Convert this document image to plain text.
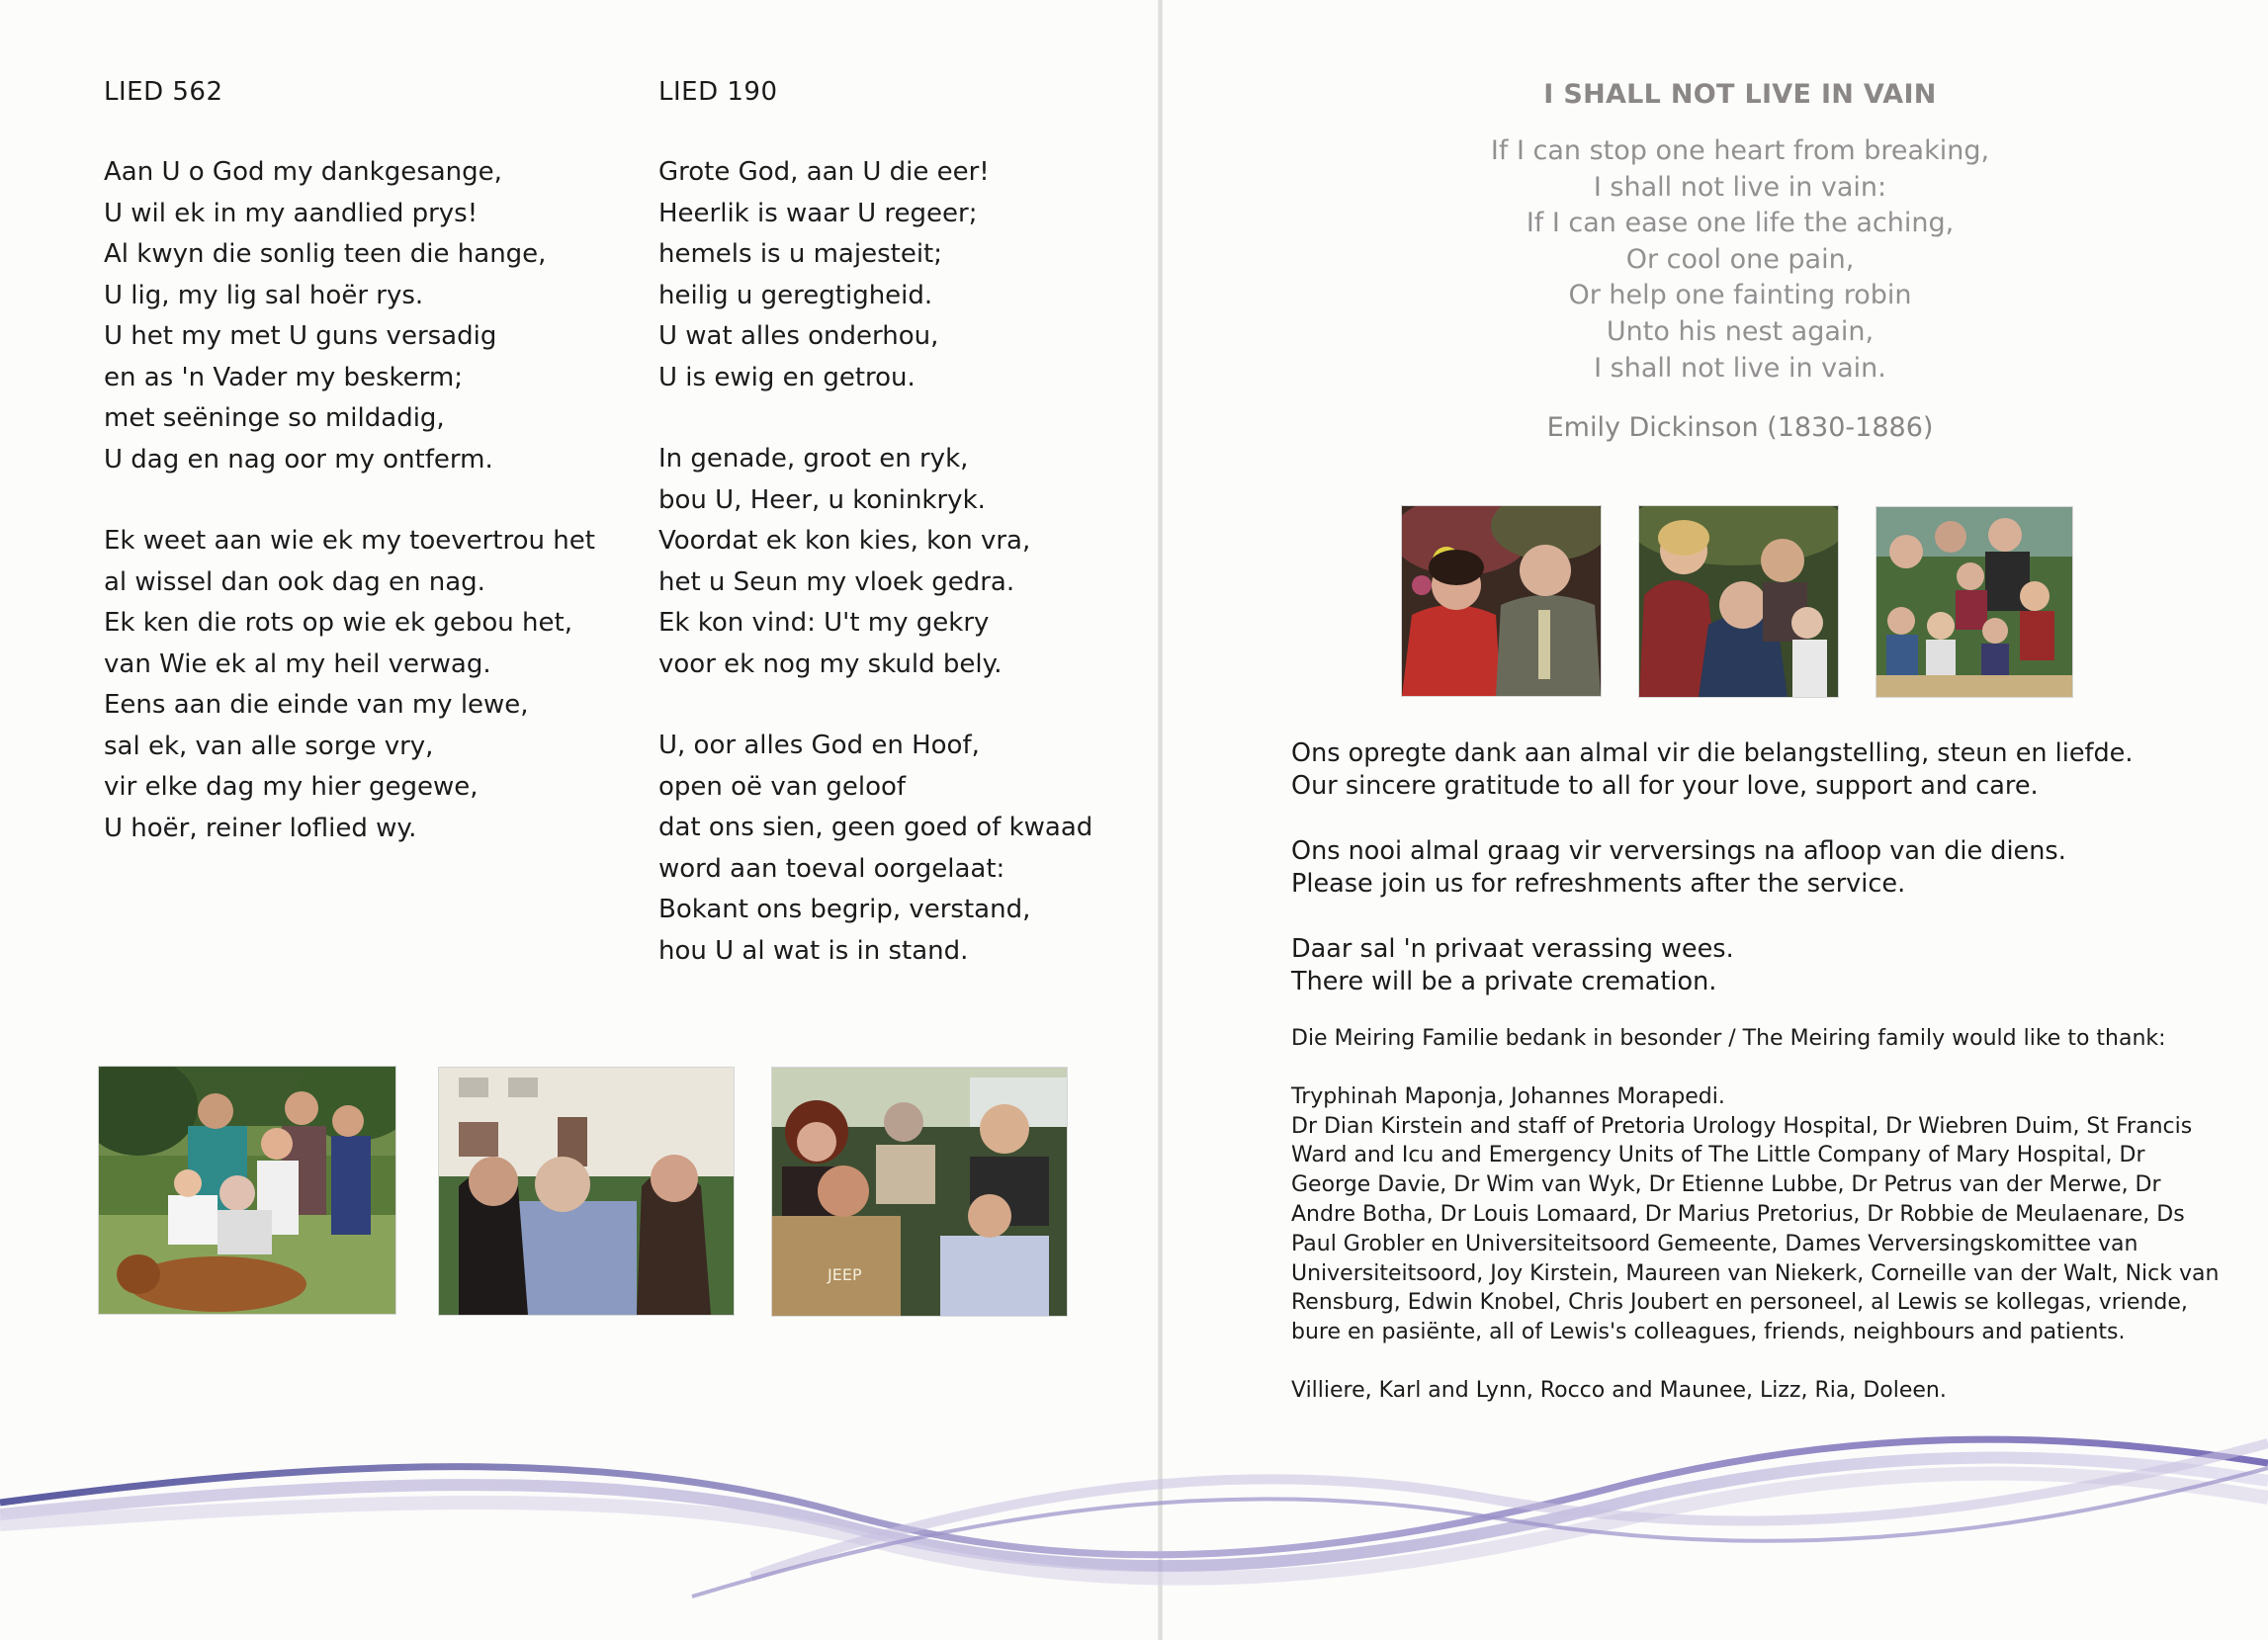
LIED 562
Aan U o God my dankgesange,
U wil ek in my aandlied prys!
Al kwyn die sonlig teen die hange,
U lig, my lig sal hoër rys.
U het my met U guns versadig
en as 'n Vader my beskerm;
met seëninge so mildadig,
U dag en nag oor my ontferm.
Ek weet aan wie ek my toevertrou het
al wissel dan ook dag en nag.
Ek ken die rots op wie ek gebou het,
van Wie ek al my heil verwag.
Eens aan die einde van my lewe,
sal ek, van alle sorge vry,
vir elke dag my hier gegewe,
U hoër, reiner loflied wy.
LIED 190
Grote God, aan U die eer!
Heerlik is waar U regeer;
hemels is u majesteit;
heilig u geregtigheid.
U wat alles onderhou,
U is ewig en getrou.
In genade, groot en ryk,
bou U, Heer, u koninkryk.
Voordat ek kon kies, kon vra,
het u Seun my vloek gedra.
Ek kon vind: U't my gekry
voor ek nog my skuld bely.
U, oor alles God en Hoof,
open oë van geloof
dat ons sien, geen goed of kwaad
word aan toeval oorgelaat:
Bokant ons begrip, verstand,
hou U al wat is in stand.
JEEP
I SHALL NOT LIVE IN VAIN
If I can stop one heart from breaking,
I shall not live in vain:
If I can ease one life the aching,
Or cool one pain,
Or help one fainting robin
Unto his nest again,
I shall not live in vain.
Emily Dickinson (1830-1886)
Ons opregte dank aan almal vir die belangstelling, steun en liefde.
Our sincere gratitude to all for your love, support and care.
Ons nooi almal graag vir verversings na afloop van die diens.
Please join us for refreshments after the service.
Daar sal 'n privaat verassing wees.
There will be a private cremation.
Die Meiring Familie bedank in besonder / The Meiring family would like to thank:
Tryphinah Maponja, Johannes Morapedi.
Dr Dian Kirstein and staff of Pretoria Urology Hospital, Dr Wiebren Duim, St Francis Ward and Icu and Emergency Units of The Little Company of Mary Hospital, Dr George Davie, Dr Wim van Wyk, Dr Etienne Lubbe, Dr Petrus van der Merwe, Dr Andre Botha, Dr Louis Lomaard, Dr Marius Pretorius, Dr Robbie de Meulaenare, Ds Paul Grobler en Universiteitsoord Gemeente, Dames Verversingskomittee van Universiteitsoord, Joy Kirstein, Maureen van Niekerk, Corneille van der Walt, Nick van Rensburg, Edwin Knobel, Chris Joubert en personeel, al Lewis se kollegas, vriende, bure en pasiënte, all of Lewis's colleagues, friends, neighbours and patients.
Villiere, Karl and Lynn, Rocco and Maunee, Lizz, Ria, Doleen.
